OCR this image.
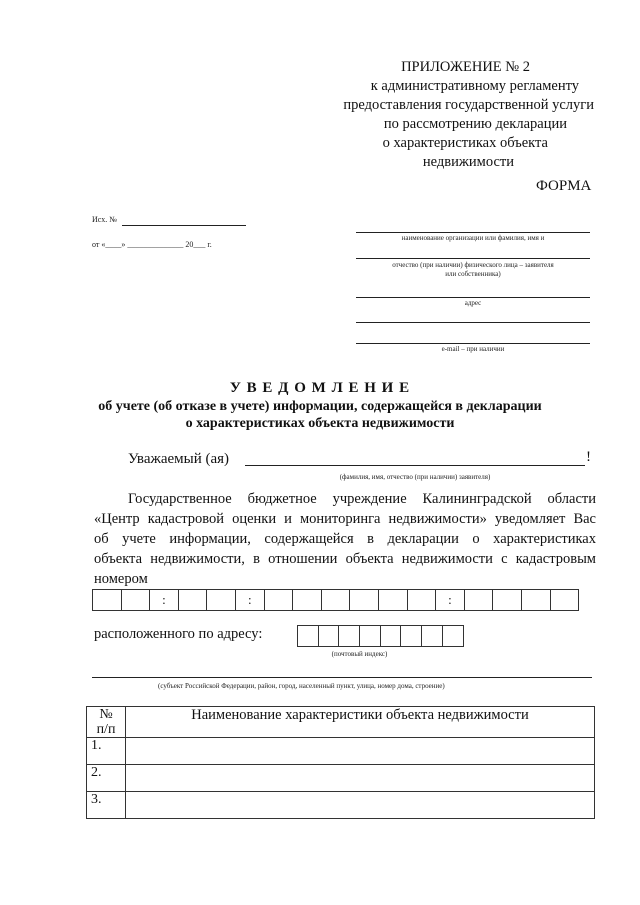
ПРИЛОЖЕНИЕ № 2
к административному регламенту
предоставления государственной услуги
по рассмотрению декларации
о характеристиках объекта
недвижимости
ФОРМА
Исх. №
от «____» ______________ 20___ г.
наименование организации или фамилия, имя и
отчество (при наличии) физического лица – заявителя
или собственника)
адрес
e-mail – при наличии
У В Е Д О М Л Е Н И Е
об учете (об отказе в учете) информации, содержащейся в декларации
о характеристиках объекта недвижимости
Уважаемый (ая)	!
(фамилия, имя, отчество (при наличии) заявителя)
Государственное бюджетное учреждение Калининградской области
«Центр кадастровой оценки и мониторинга недвижимости» уведомляет Вас
об учете информации, содержащейся в декларации о характеристиках
объекта недвижимости, в отношении объекта недвижимости с кадастровым
номером
:	:	:
расположенного по адресу:
(почтовый индекс)
(субъект Российской Федерации, район, город, населенный пункт, улица, номер дома, строение)
№
п/п	Наименование характеристики объекта недвижимости
1.	
2.	
3.	
